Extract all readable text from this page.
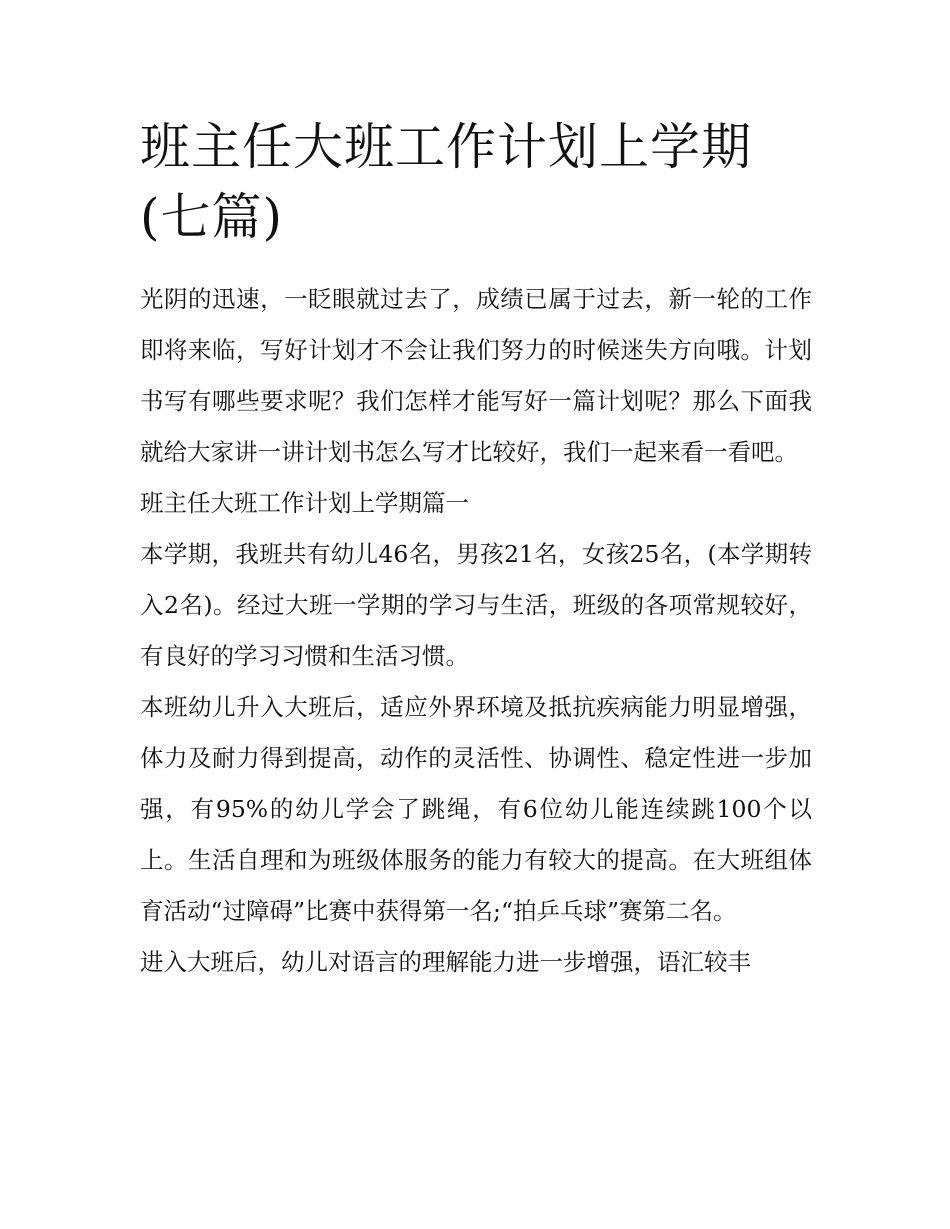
班主任大班工作计划上学期(七篇)

光阴的迅速，一眨眼就过去了，成绩已属于过去，新一轮的工作即将来临，写好计划才不会让我们努力的时候迷失方向哦。计划书写有哪些要求呢？我们怎样才能写好一篇计划呢？那么下面我就给大家讲一讲计划书怎么写才比较好，我们一起来看一看吧。

班主任大班工作计划上学期篇一

本学期，我班共有幼儿46名，男孩21名，女孩25名，(本学期转入2名)。经过大班一学期的学习与生活，班级的各项常规较好，有良好的学习习惯和生活习惯。

本班幼儿升入大班后，适应外界环境及抵抗疾病能力明显增强，体力及耐力得到提高，动作的灵活性、协调性、稳定性进一步加强，有95%的幼儿学会了跳绳，有6位幼儿能连续跳100个以上。生活自理和为班级体服务的能力有较大的提高。在大班组体育活动“过障碍”比赛中获得第一名;“拍乒乓球”赛第二名。

进入大班后，幼儿对语言的理解能力进一步增强，语汇较丰
